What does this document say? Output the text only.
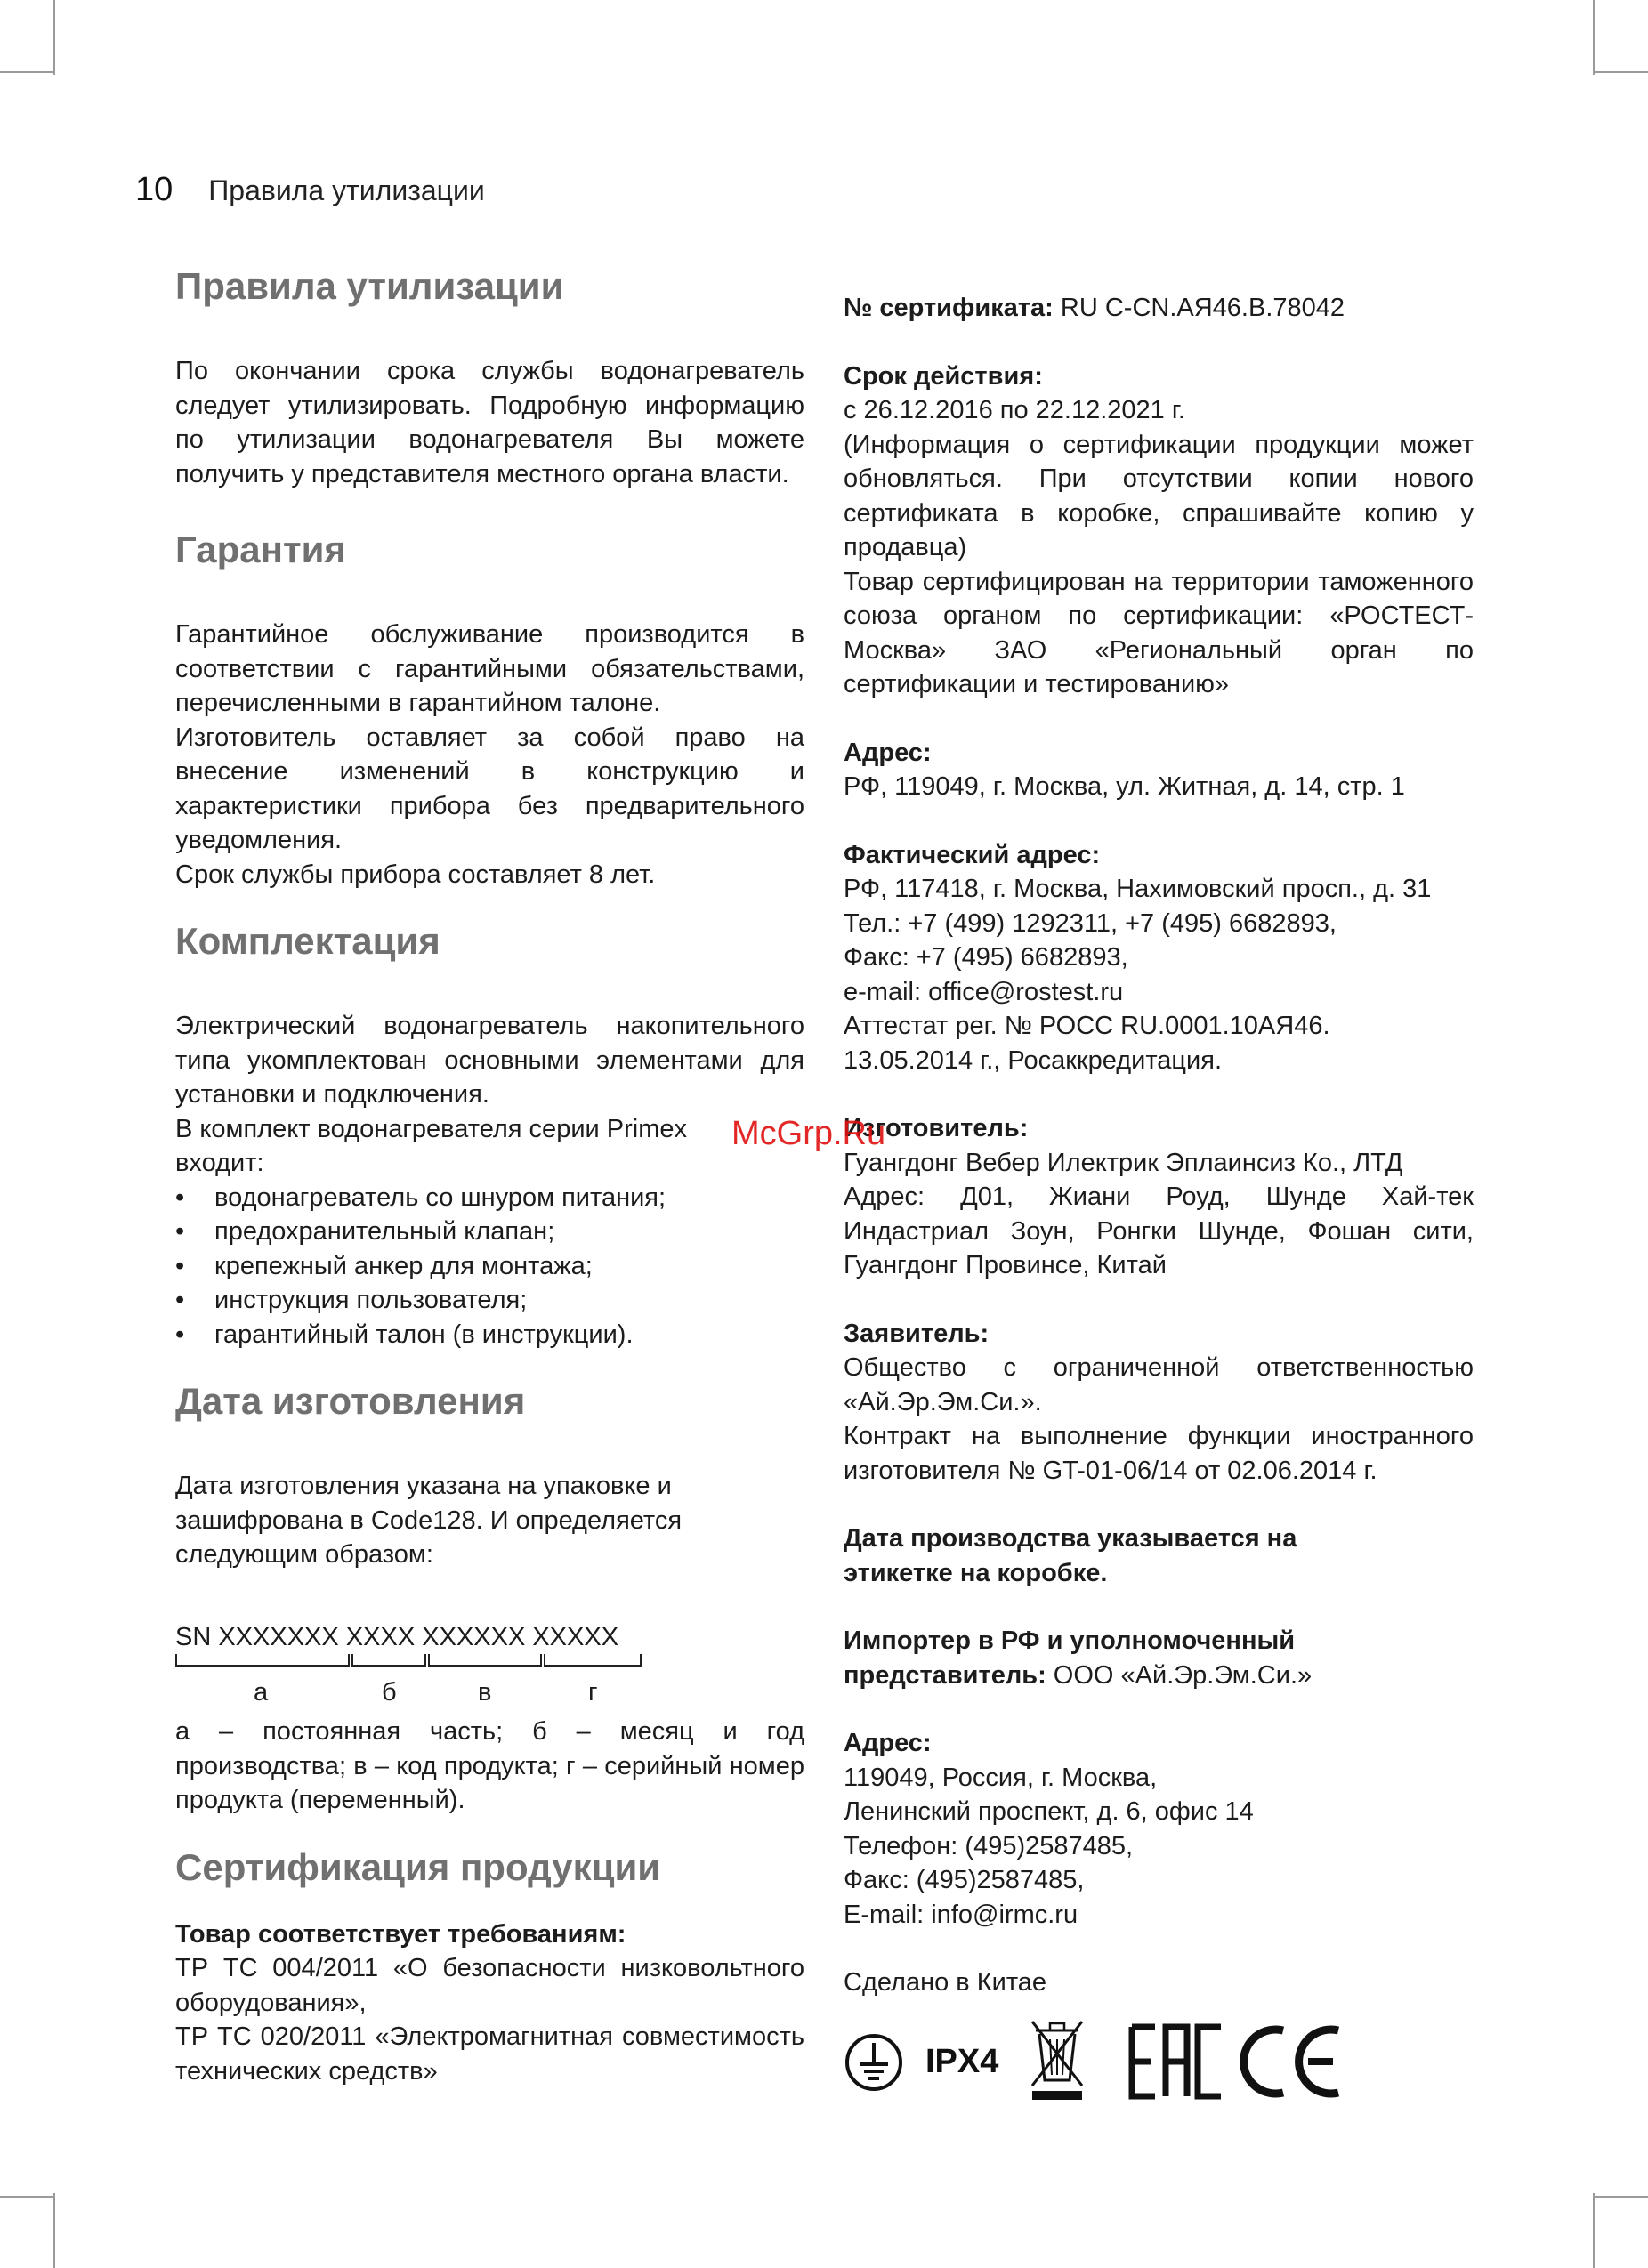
10 Правила утилизации
Правила утилизации

По окончании срока службы водонагреватель следует утилизировать. Подробную информацию по утилизации водонагревателя Вы можете получить у представителя местного органа власти.

Гарантия

Гарантийное обслуживание производится в соответствии с гарантийными обязательствами, перечисленными в гарантийном талоне.

Изготовитель оставляет за собой право на внесение изменений в конструкцию и характеристики прибора без предварительного уведомления.

Срок службы прибора составляет 8 лет.

Комплектация

Электрический водонагреватель накопительного типа укомплектован основными элементами для установки и подключения.

В комплект водонагревателя серии Primex входит:

• водонагреватель со шнуром питания;
• предохранительный клапан;
• крепежный анкер для монтажа;
• инструкция пользователя;
• гарантийный талон (в инструкции).
Дата изготовления

Дата изготовления указана на упаковке и зашифрована в Code128. И определяется следующим образом:

SN XXXXXXX XXXX XXXXXX XXXXX
а	б	в	г

а – постоянная часть; б – месяц и год производства; в – код продукта; г – серийный номер продукта (переменный).

Сертификация продукции

Товар соответствует требованиям:

ТР ТС 004/2011 «О безопасности низковольтного оборудования»,

ТР ТС 020/2011 «Электромагнитная совместимость технических средств»

№ сертификата: RU C-CN.АЯ46.B.78042

Срок действия:

с 26.12.2016 по 22.12.2021 г.

(Информация о сертификации продукции может обновляться. При отсутствии копии нового сертификата в коробке, спрашивайте копию у продавца)

Товар сертифицирован на территории таможенного союза органом по сертификации: «РОСТЕСТ-Москва» ЗАО «Региональный орган по сертификации и тестированию»

Адрес:

РФ, 119049, г. Москва, ул. Житная, д. 14, стр. 1

Фактический адрес:

РФ, 117418, г. Москва, Нахимовский просп., д. 31

Тел.: +7 (499) 1292311, +7 (495) 6682893,

Факс: +7 (495) 6682893,

e-mail: office@rostest.ru

Аттестат рег. № РОСС RU.0001.10АЯ46.

13.05.2014 г., Росаккредитация.

Изготовитель:

Гуангдонг Вебер Илектрик Эплаинсиз Ко., ЛТД

Адрес: Д01, Жиани Роуд, Шунде Хай-тек Индастриал Зоун, Ронгки Шунде, Фошан сити, Гуангдонг Провинсе, Китай

Заявитель:

Общество с ограниченной ответственностью «Ай.Эр.Эм.Си.».

Контракт на выполнение функции иностранного изготовителя № GT-01-06/14 от 02.06.2014 г.

Дата производства указывается на этикетке на коробке.

Импортер в РФ и уполномоченный

представитель: ООО «Ай.Эр.Эм.Си.»

Адрес:

119049, Россия, г. Москва,

Ленинский проспект, д. 6, офис 14

Телефон: (495)2587485,

Факс: (495)2587485,

E-mail: info@irmc.ru

Сделано в Китае

McGrp.Ru
IPX4
